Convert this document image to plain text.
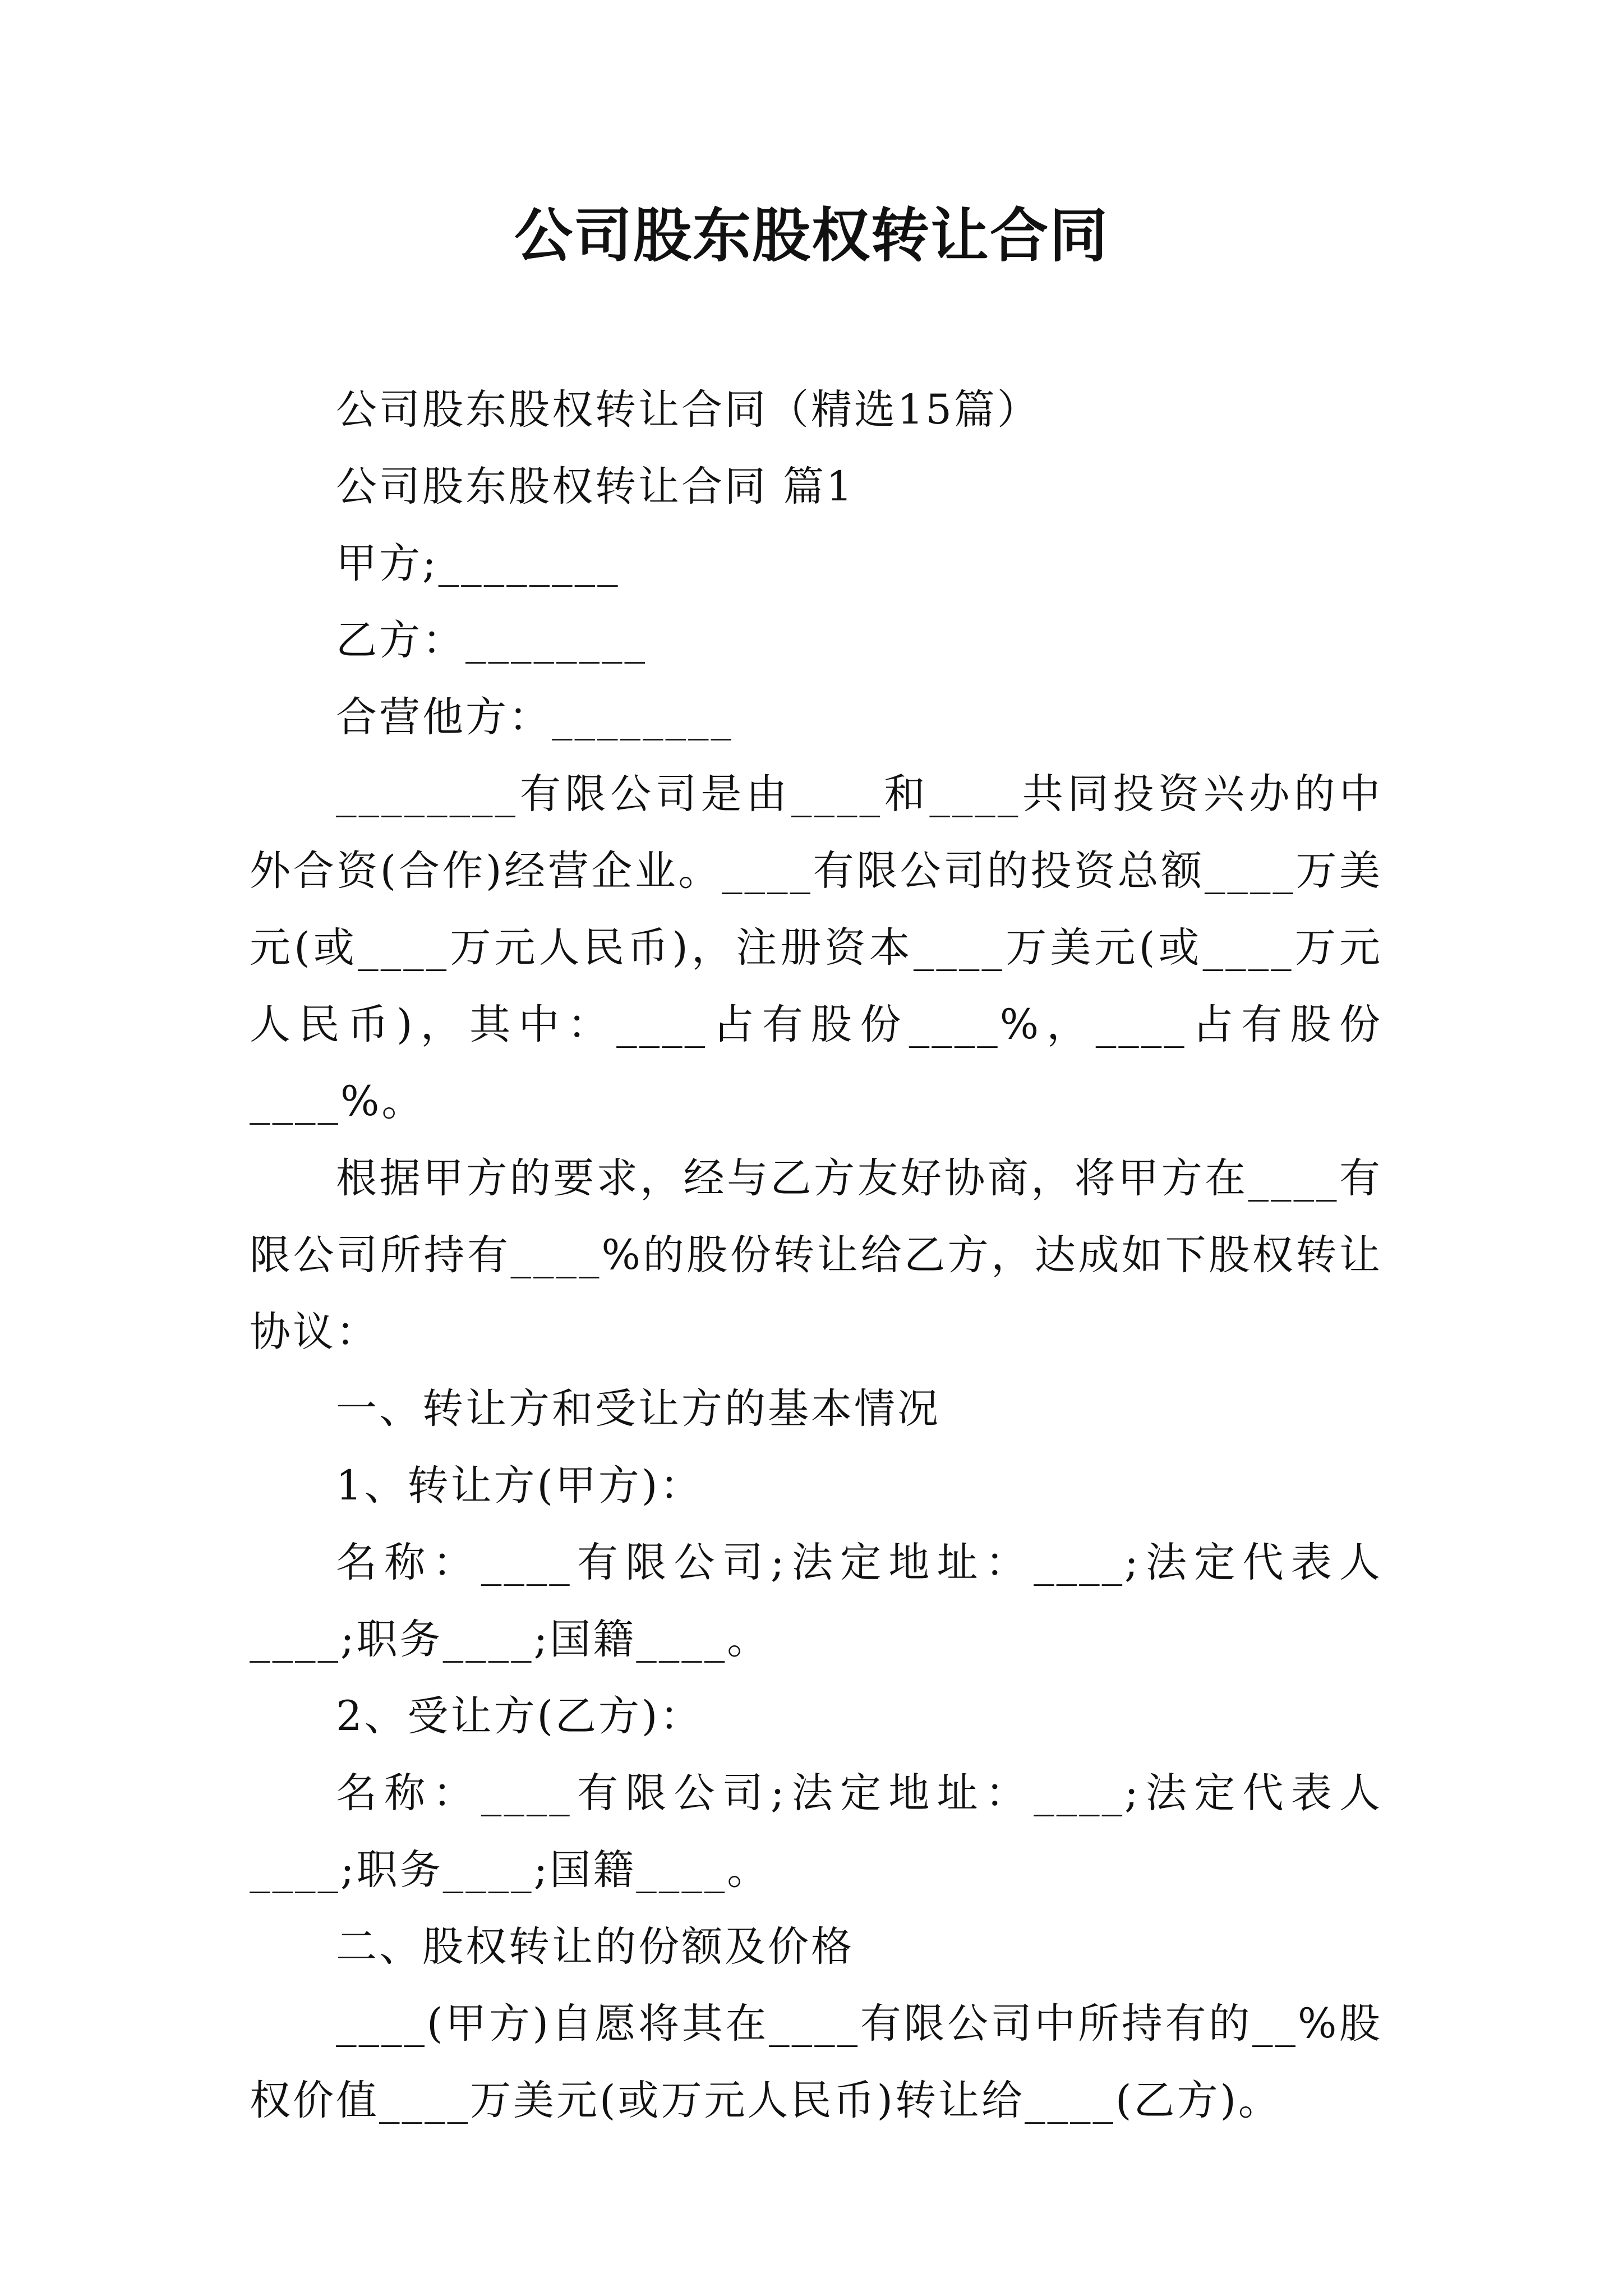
公司股东股权转让合同

公司股东股权转让合同（精选15篇）

公司股东股权转让合同 篇1

甲方;________

乙方：________

合营他方：________

________有限公司是由____和____共同投资兴办的中外合资(合作)经营企业。____有限公司的投资总额____万美元(或____万元人民币)，注册资本____万美元(或____万元人民币)，其中：____占有股份____%，____占有股份____%。

根据甲方的要求，经与乙方友好协商，将甲方在____有限公司所持有____%的股份转让给乙方，达成如下股权转让协议：

一、转让方和受让方的基本情况

1、转让方(甲方)：

名称：____有限公司;法定地址：____;法定代表人____;职务____;国籍____。

2、受让方(乙方)：

名称：____有限公司;法定地址：____;法定代表人____;职务____;国籍____。

二、股权转让的份额及价格

____(甲方)自愿将其在____有限公司中所持有的__%股权价值____万美元(或万元人民币)转让给____(乙方)。
